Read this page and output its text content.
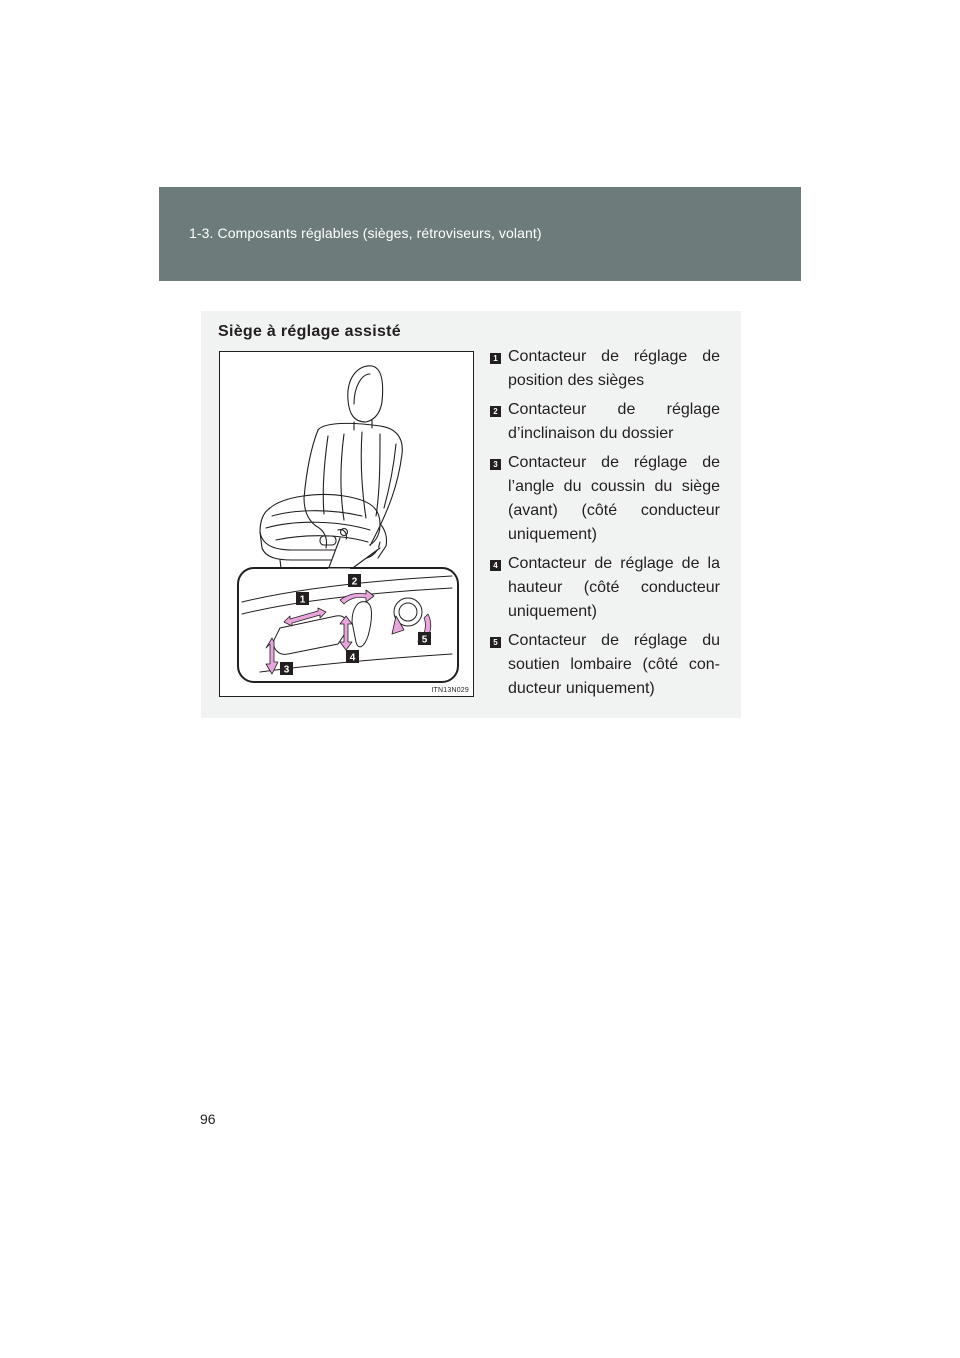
1-3. Composants réglables (sièges, rétroviseurs, volant)
Siège à réglage assisté
1
2
3
4
5
ITN13N029
1 Contacteur de réglage de position des sièges
2 Contacteur de réglage d’inclinaison du dossier
3 Contacteur de réglage de l’angle du coussin du siège (avant) (côté conducteur uniquement)
4 Contacteur de réglage de la hauteur (côté conducteur uniquement)
5 Contacteur de réglage du soutien lombaire (côté con-ducteur uniquement)
96
